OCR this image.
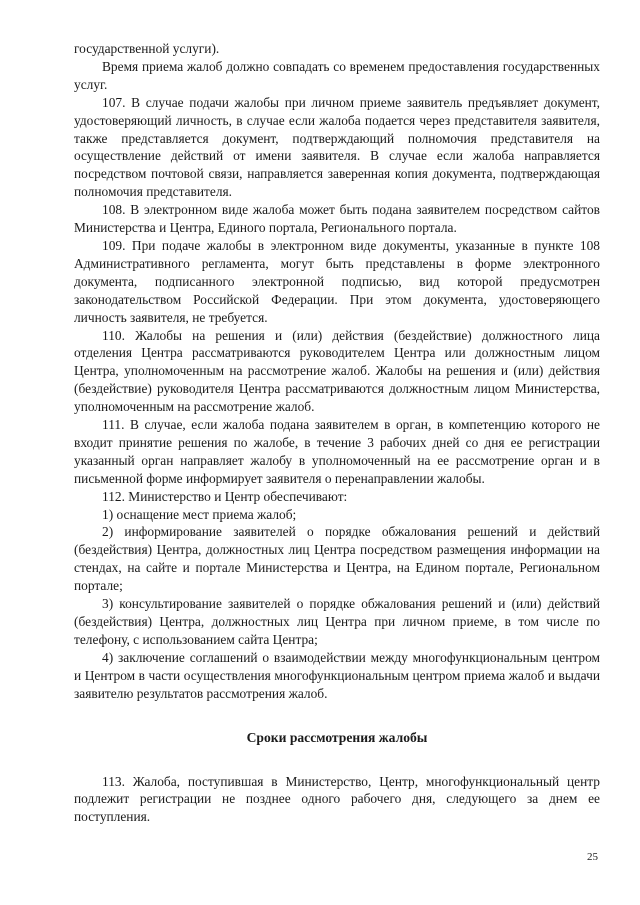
государственной услуги).

Время приема жалоб должно совпадать со временем предоставления государственных услуг.

107. В случае подачи жалобы при личном приеме заявитель предъявляет документ, удостоверяющий личность, в случае если жалоба подается через представителя заявителя, также представляется документ, подтверждающий полномочия представителя на осуществление действий от имени заявителя. В случае если жалоба направляется посредством почтовой связи, направляется заверенная копия документа, подтверждающая полномочия представителя.

108. В электронном виде жалоба может быть подана заявителем посредством сайтов Министерства и Центра, Единого портала, Регионального портала.

109. При подаче жалобы в электронном виде документы, указанные в пункте 108 Административного регламента, могут быть представлены в форме электронного документа, подписанного электронной подписью, вид которой предусмотрен законодательством Российской Федерации. При этом документа, удостоверяющего личность заявителя, не требуется.

110. Жалобы на решения и (или) действия (бездействие) должностного лица отделения Центра рассматриваются руководителем Центра или должностным лицом Центра, уполномоченным на рассмотрение жалоб. Жалобы на решения и (или) действия (бездействие) руководителя Центра рассматриваются должностным лицом Министерства, уполномоченным на рассмотрение жалоб.

111. В случае, если жалоба подана заявителем в орган, в компетенцию которого не входит принятие решения по жалобе, в течение 3 рабочих дней со дня ее регистрации указанный орган направляет жалобу в уполномоченный на ее рассмотрение орган и в письменной форме информирует заявителя о перенаправлении жалобы.

112. Министерство и Центр обеспечивают:

1) оснащение мест приема жалоб;

2) информирование заявителей о порядке обжалования решений и действий (бездействия) Центра, должностных лиц Центра посредством размещения информации на стендах, на сайте и портале Министерства и Центра, на Едином портале, Региональном портале;

3) консультирование заявителей о порядке обжалования решений и (или) действий (бездействия) Центра, должностных лиц Центра при личном приеме, в том числе по телефону, с использованием сайта Центра;

4) заключение соглашений о взаимодействии между многофункциональным центром и Центром в части осуществления многофункциональным центром приема жалоб и выдачи заявителю результатов рассмотрения жалоб.

Сроки рассмотрения жалобы

113. Жалоба, поступившая в Министерство, Центр, многофункциональный центр подлежит регистрации не позднее одного рабочего дня, следующего за днем ее поступления.

25
